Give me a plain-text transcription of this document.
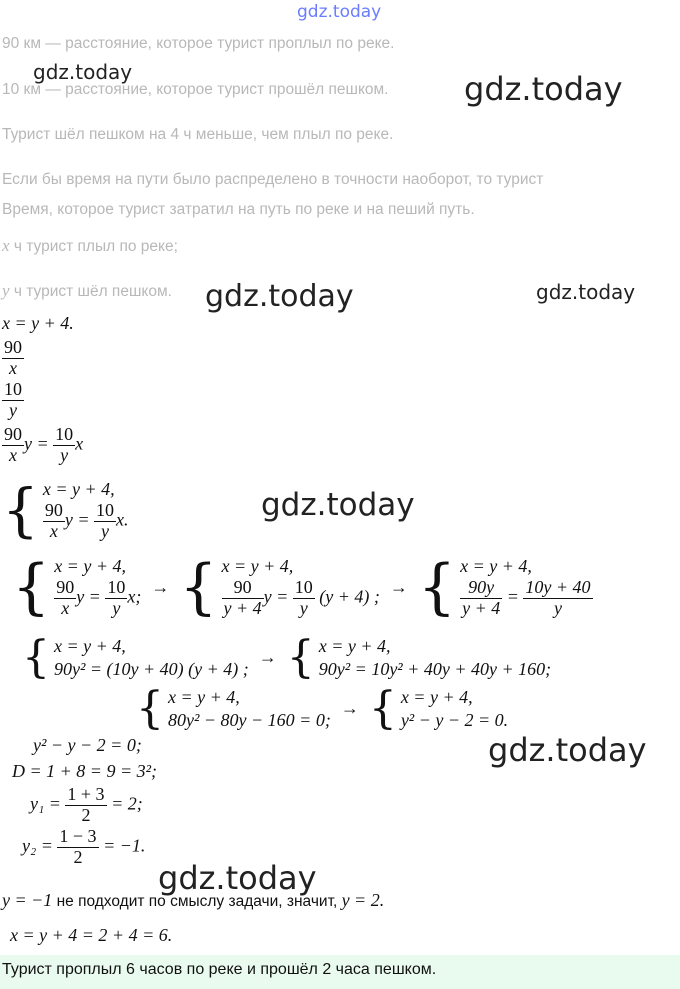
gdz.today
gdz.today	gdz.today
gdz.today	gdz.today
gdz.today
gdz.today
gdz.today
90 км — расстояние, которое турист проплыл по реке.
10 км — расстояние, которое турист прошёл пешком.
Турист шёл пешком на 4 ч меньше, чем плыл по реке.
Если бы время на пути было распределено в точности наоборот, то турист
Время, которое турист затратил на путь по реке и на пеший путь.
x ч турист плыл по реке;
y ч турист шёл пешком.
x = y + 4.
$\frac{90}{x}$
$\frac{10}{y}$
$\frac{90}{x}$ $y = \frac{10}{y}$ x
{ x = y + 4,
$\frac{90}{x}$ $y = \frac{10}{y} x$.
{ x = y + 4,
$\frac{90}{x}$ $y = \frac{10}{y} x$; → { x = y + 4,
$\frac{90}{y + 4}$ $y = \frac{10}{y} (y + 4)$ ; → { x = y + 4,
$\frac{90y}{y + 4} = \frac{10y + 40}{y}$
{ x = y + 4,
90y² = (10y + 40) (y + 4) ;
→ { x = y + 4,
90y² = 10y² + 40y + 40y + 160;
{ x = y + 4,
80y² − 80y − 160 = 0;
→ { x = y + 4,
y² − y − 2 = 0.
y² − y − 2 = 0;
D = 1 + 8 = 9 = 3²;
$y_1 = \frac{1 + 3}{2} = 2$;
$y_2 = \frac{1 - 3}{2} = -1$.
y = −1 не подходит по смыслу задачи, значит, y = 2.
x = y + 4 = 2 + 4 = 6.
Турист проплыл 6 часов по реке и прошёл 2 часа пешком.
